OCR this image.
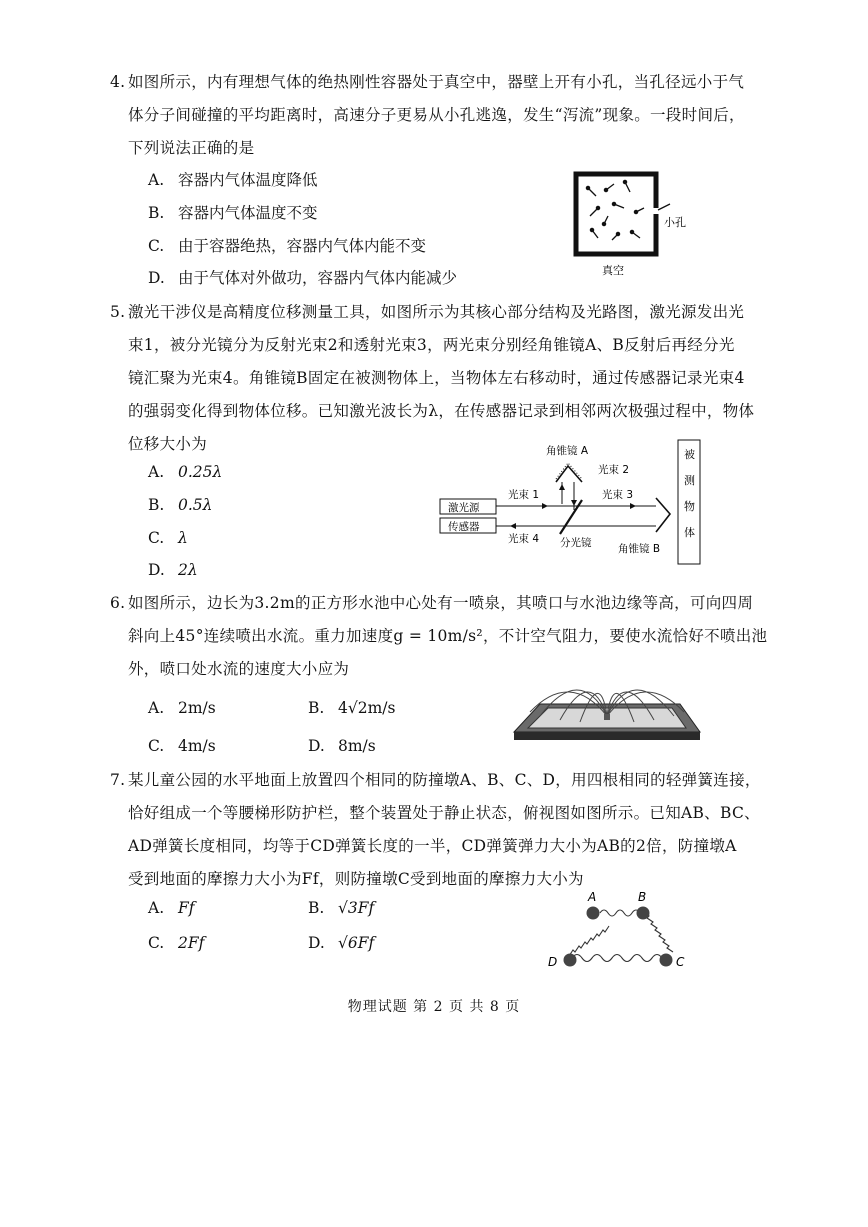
4. 如图所示，内有理想气体的绝热刚性容器处于真空中，器壁上开有小孔，当孔径远小于气
体分子间碰撞的平均距离时，高速分子更易从小孔逃逸，发生“泻流”现象。一段时间后，
下列说法正确的是
A. 容器内气体温度降低
B. 容器内气体温度不变
C. 由于容器绝热，容器内气体内能不变
D. 由于气体对外做功，容器内气体内能减少
小孔
真空
5. 激光干涉仪是高精度位移测量工具，如图所示为其核心部分结构及光路图，激光源发出光
束1，被分光镜分为反射光束2和透射光束3，两光束分别经角锥镜A、B反射后再经分光
镜汇聚为光束4。角锥镜B固定在被测物体上，当物体左右移动时，通过传感器记录光束4
的强弱变化得到物体位移。已知激光波长为λ，在传感器记录到相邻两次极强过程中，物体
位移大小为
A. 0.25λ
B. 0.5λ
C. λ
D. 2λ
角锥镜 A
光束 2
激光源
传感器
光束 1	光束 3
光束 4 分光镜	角锥镜 B
被
测
物
体
6. 如图所示，边长为3.2m的正方形水池中心处有一喷泉，其喷口与水池边缘等高，可向四周
斜向上45°连续喷出水流。重力加速度g = 10m/s²，不计空气阻力，要使水流恰好不喷出池
外，喷口处水流的速度大小应为
A. 2m/s	B. 4√2m/s
C. 4m/s	D. 8m/s
7. 某儿童公园的水平地面上放置四个相同的防撞墩A、B、C、D，用四根相同的轻弹簧连接，
恰好组成一个等腰梯形防护栏，整个装置处于静止状态，俯视图如图所示。已知AB、BC、
AD弹簧长度相同，均等于CD弹簧长度的一半，CD弹簧弹力大小为AB的2倍，防撞墩A
受到地面的摩擦力大小为Ff，则防撞墩C受到地面的摩擦力大小为
A. Ff	B. √3Ff
C. 2Ff	D. √6Ff
A	B
C
D
物理试题 第 2 页 共 8 页
